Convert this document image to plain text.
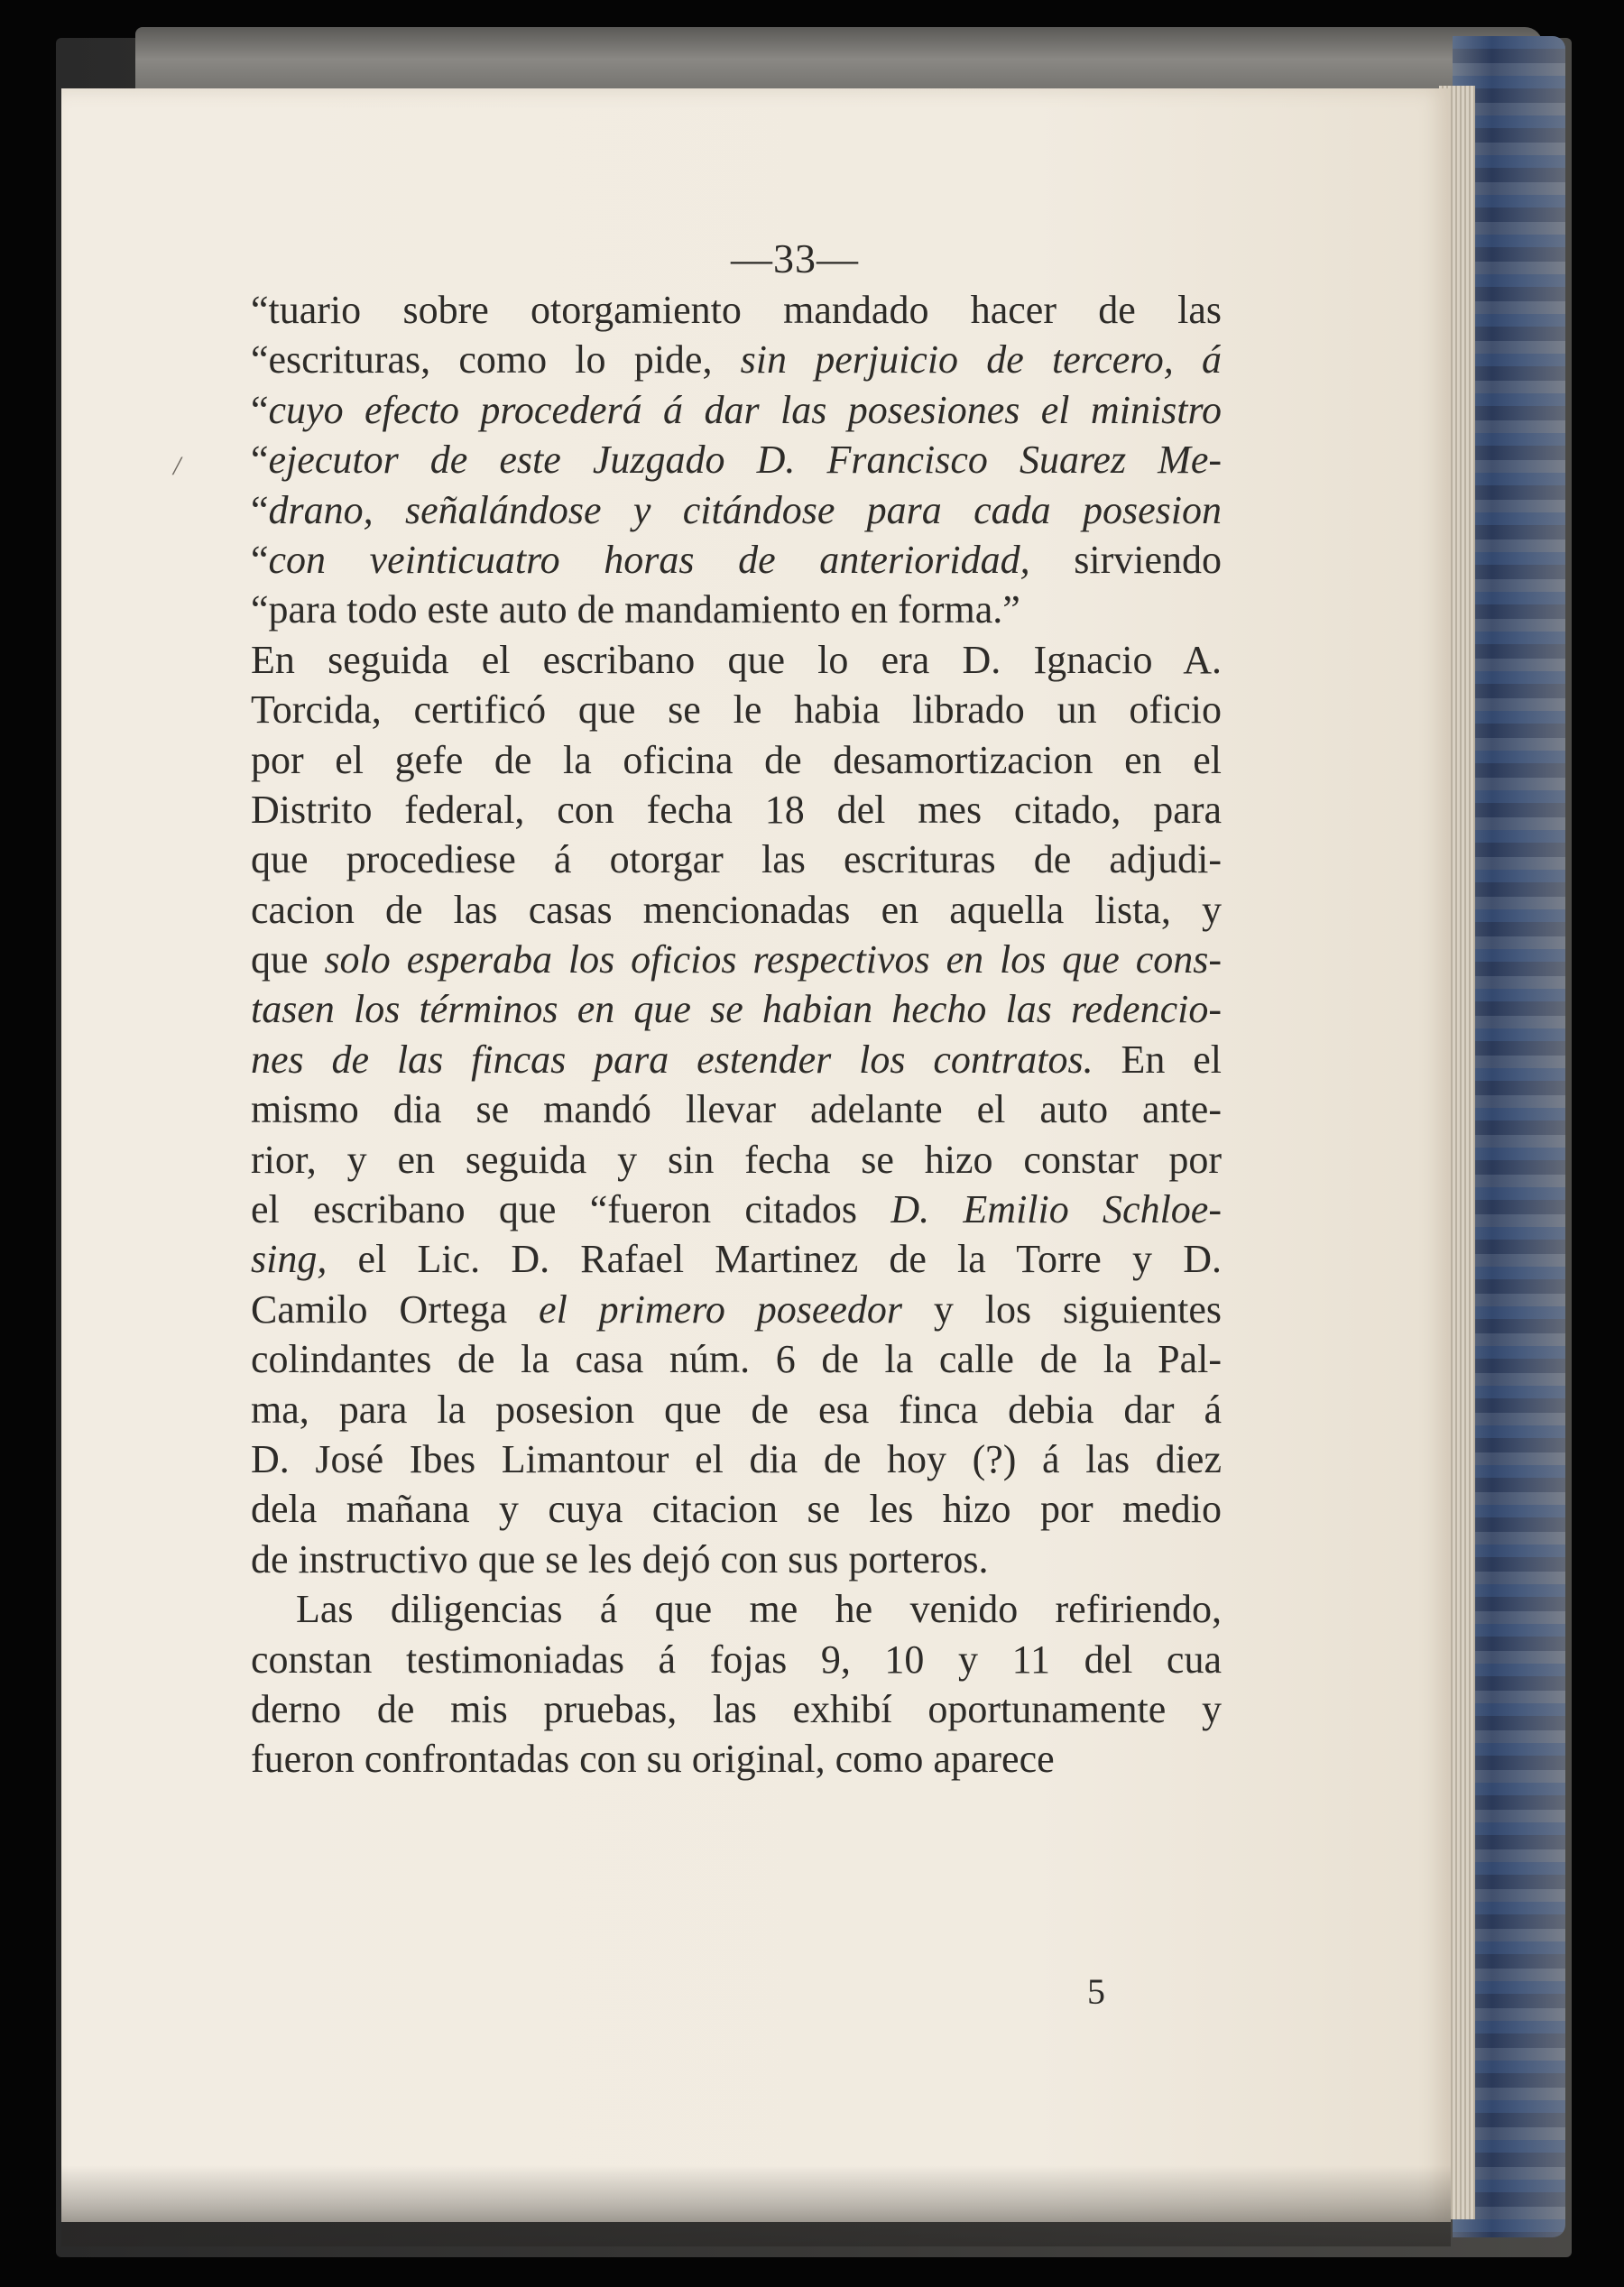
/
—33—
“tuario sobre otorgamiento mandado hacer de las
“escrituras, como lo pide, sin perjuicio de tercero, á
“cuyo efecto procederá á dar las posesiones el ministro
“ejecutor de este Juzgado D. Francisco Suarez Me-
“drano, señalándose y citándose para cada posesion
“con veinticuatro horas de anterioridad, sirviendo
“para todo este auto de mandamiento en forma.”
En seguida el escribano que lo era D. Ignacio A.
Torcida, certificó que se le habia librado un oficio
por el gefe de la oficina de desamortizacion en el
Distrito federal, con fecha 18 del mes citado, para
que procediese á otorgar las escrituras de adjudi-
cacion de las casas mencionadas en aquella lista, y
que solo esperaba los oficios respectivos en los que cons-
tasen los términos en que se habian hecho las redencio-
nes de las fincas para estender los contratos. En el
mismo dia se mandó llevar adelante el auto ante-
rior, y en seguida y sin fecha se hizo constar por
el escribano que “fueron citados D. Emilio Schloe-
sing, el Lic. D. Rafael Martinez de la Torre y D.
Camilo Ortega el primero poseedor y los siguientes
colindantes de la casa núm. 6 de la calle de la Pal-
ma, para la posesion que de esa finca debia dar á
D. José Ibes Limantour el dia de hoy (?) á las diez
dela mañana y cuya citacion se les hizo por medio
de instructivo que se les dejó con sus porteros.
Las diligencias á que me he venido refiriendo,
constan testimoniadas á fojas 9, 10 y 11 del cua
derno de mis pruebas, las exhibí oportunamente y
fueron confrontadas con su original, como aparece
5
